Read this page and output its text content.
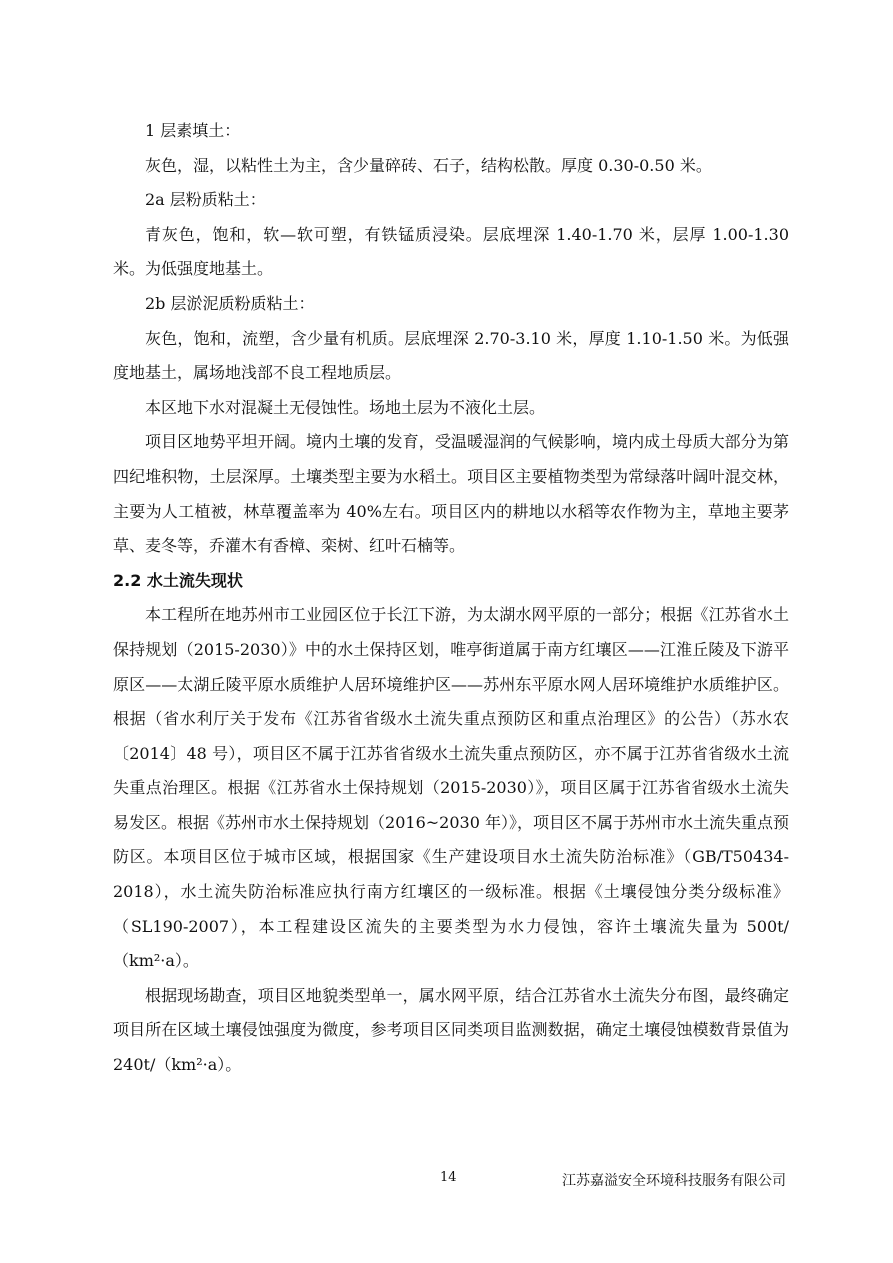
1 层素填土：

灰色，湿，以粘性土为主，含少量碎砖、石子，结构松散。厚度 0.30-0.50 米。

2a 层粉质粘土：

青灰色，饱和，软—软可塑，有铁锰质浸染。层底埋深 1.40-1.70 米，层厚 1.00-1.30 米。为低强度地基土。

2b 层淤泥质粉质粘土：

灰色，饱和，流塑，含少量有机质。层底埋深 2.70-3.10 米，厚度 1.10-1.50 米。为低强度地基土，属场地浅部不良工程地质层。

本区地下水对混凝土无侵蚀性。场地土层为不液化土层。

项目区地势平坦开阔。境内土壤的发育，受温暖湿润的气候影响，境内成土母质大部分为第四纪堆积物，土层深厚。土壤类型主要为水稻土。项目区主要植物类型为常绿落叶阔叶混交林，主要为人工植被，林草覆盖率为 40%左右。项目区内的耕地以水稻等农作物为主，草地主要茅草、麦冬等，乔灌木有香樟、栾树、红叶石楠等。

2.2 水土流失现状

本工程所在地苏州市工业园区位于长江下游，为太湖水网平原的一部分；根据《江苏省水土保持规划（2015-2030）》中的水土保持区划，唯亭街道属于南方红壤区——江淮丘陵及下游平原区——太湖丘陵平原水质维护人居环境维护区——苏州东平原水网人居环境维护水质维护区。根据（省水利厅关于发布《江苏省省级水土流失重点预防区和重点治理区》的公告）（苏水农〔2014〕48 号），项目区不属于江苏省省级水土流失重点预防区，亦不属于江苏省省级水土流失重点治理区。根据《江苏省水土保持规划（2015-2030）》，项目区属于江苏省省级水土流失易发区。根据《苏州市水土保持规划（2016~2030 年）》，项目区不属于苏州市水土流失重点预防区。本项目区位于城市区域，根据国家《生产建设项目水土流失防治标准》（GB/T50434-2018），水土流失防治标准应执行南方红壤区的一级标准。根据《土壤侵蚀分类分级标准》（SL190-2007），本工程建设区流失的主要类型为水力侵蚀，容许土壤流失量为 500t/（km²·a）。

根据现场勘查，项目区地貌类型单一，属水网平原，结合江苏省水土流失分布图，最终确定项目所在区域土壤侵蚀强度为微度，参考项目区同类项目监测数据，确定土壤侵蚀模数背景值为 240t/（km²·a）。

14	江苏嘉溢安全环境科技服务有限公司
